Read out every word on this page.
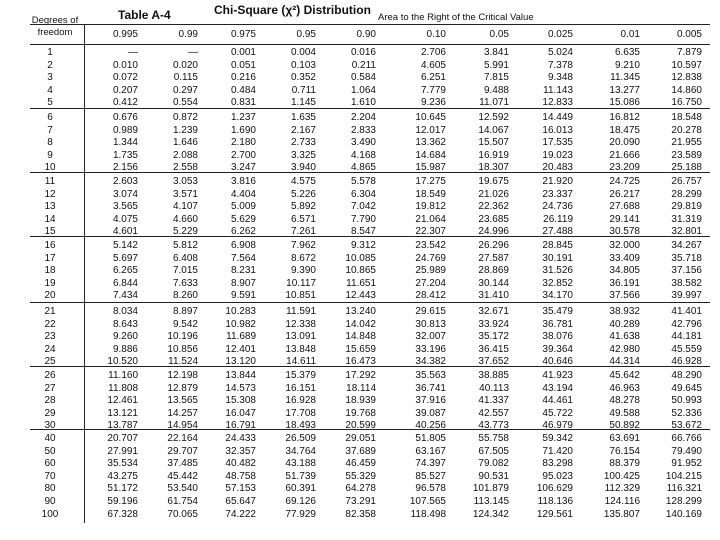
Degrees of freedom
Table A-4	Chi-Square (χ²) Distribution
Area to the Right of the Critical Value
0.995	0.99	0.975	0.95	0.90	0.10	0.05	0.025	0.01	0.005
1	—	—	0.001	0.004	0.016	2.706	3.841	5.024	6.635	7.879
2	0.010	0.020	0.051	0.103	0.211	4.605	5.991	7.378	9.210	10.597
3	0.072	0.115	0.216	0.352	0.584	6.251	7.815	9.348	11.345	12.838
4	0.207	0.297	0.484	0.711	1.064	7.779	9.488	11.143	13.277	14.860
5	0.412	0.554	0.831	1.145	1.610	9.236	11.071	12.833	15.086	16.750
6	0.676	0.872	1.237	1.635	2.204	10.645	12.592	14.449	16.812	18.548
7	0.989	1.239	1.690	2.167	2.833	12.017	14.067	16.013	18.475	20.278
8	1.344	1.646	2.180	2.733	3.490	13.362	15.507	17.535	20.090	21.955
9	1.735	2.088	2.700	3.325	4.168	14.684	16.919	19.023	21.666	23.589
10	2.156	2.558	3.247	3.940	4.865	15.987	18.307	20.483	23.209	25.188
11	2.603	3.053	3.816	4.575	5.578	17.275	19.675	21.920	24.725	26.757
12	3.074	3.571	4.404	5.226	6.304	18.549	21.026	23.337	26.217	28.299
13	3.565	4.107	5.009	5.892	7.042	19.812	22.362	24.736	27.688	29.819
14	4.075	4.660	5.629	6.571	7.790	21.064	23.685	26.119	29.141	31.319
15	4.601	5.229	6.262	7.261	8.547	22.307	24.996	27.488	30.578	32.801
16	5.142	5.812	6.908	7.962	9.312	23.542	26.296	28.845	32.000	34.267
17	5.697	6.408	7.564	8.672	10.085	24.769	27.587	30.191	33.409	35.718
18	6.265	7.015	8.231	9.390	10.865	25.989	28.869	31.526	34.805	37.156
19	6.844	7.633	8.907	10.117	11.651	27.204	30.144	32.852	36.191	38.582
20	7.434	8.260	9.591	10.851	12.443	28.412	31.410	34.170	37.566	39.997
21	8.034	8.897	10.283	11.591	13.240	29.615	32.671	35.479	38.932	41.401
22	8.643	9.542	10.982	12.338	14.042	30.813	33.924	36.781	40.289	42.796
23	9.260	10.196	11.689	13.091	14.848	32.007	35.172	38.076	41.638	44.181
24	9.886	10.856	12.401	13.848	15.659	33.196	36.415	39.364	42.980	45.559
25	10.520	11.524	13.120	14.611	16.473	34.382	37.652	40.646	44.314	46.928
26	11.160	12.198	13.844	15.379	17.292	35.563	38.885	41.923	45.642	48.290
27	11.808	12.879	14.573	16.151	18.114	36.741	40.113	43.194	46.963	49.645
28	12.461	13.565	15.308	16.928	18.939	37.916	41.337	44.461	48.278	50.993
29	13.121	14.257	16.047	17.708	19.768	39.087	42.557	45.722	49.588	52.336
30	13.787	14.954	16.791	18.493	20.599	40.256	43.773	46.979	50.892	53.672
40	20.707	22.164	24.433	26.509	29.051	51.805	55.758	59.342	63.691	66.766
50	27.991	29.707	32.357	34.764	37.689	63.167	67.505	71.420	76.154	79.490
60	35.534	37.485	40.482	43.188	46.459	74.397	79.082	83.298	88.379	91.952
70	43.275	45.442	48.758	51.739	55.329	85.527	90.531	95.023	100.425	104.215
80	51.172	53.540	57.153	60.391	64.278	96.578	101.879	106.629	112.329	116.321
90	59.196	61.754	65.647	69.126	73.291	107.565	113.145	118.136	124.116	128.299
100	67.328	70.065	74.222	77.929	82.358	118.498	124.342	129.561	135.807	140.169
